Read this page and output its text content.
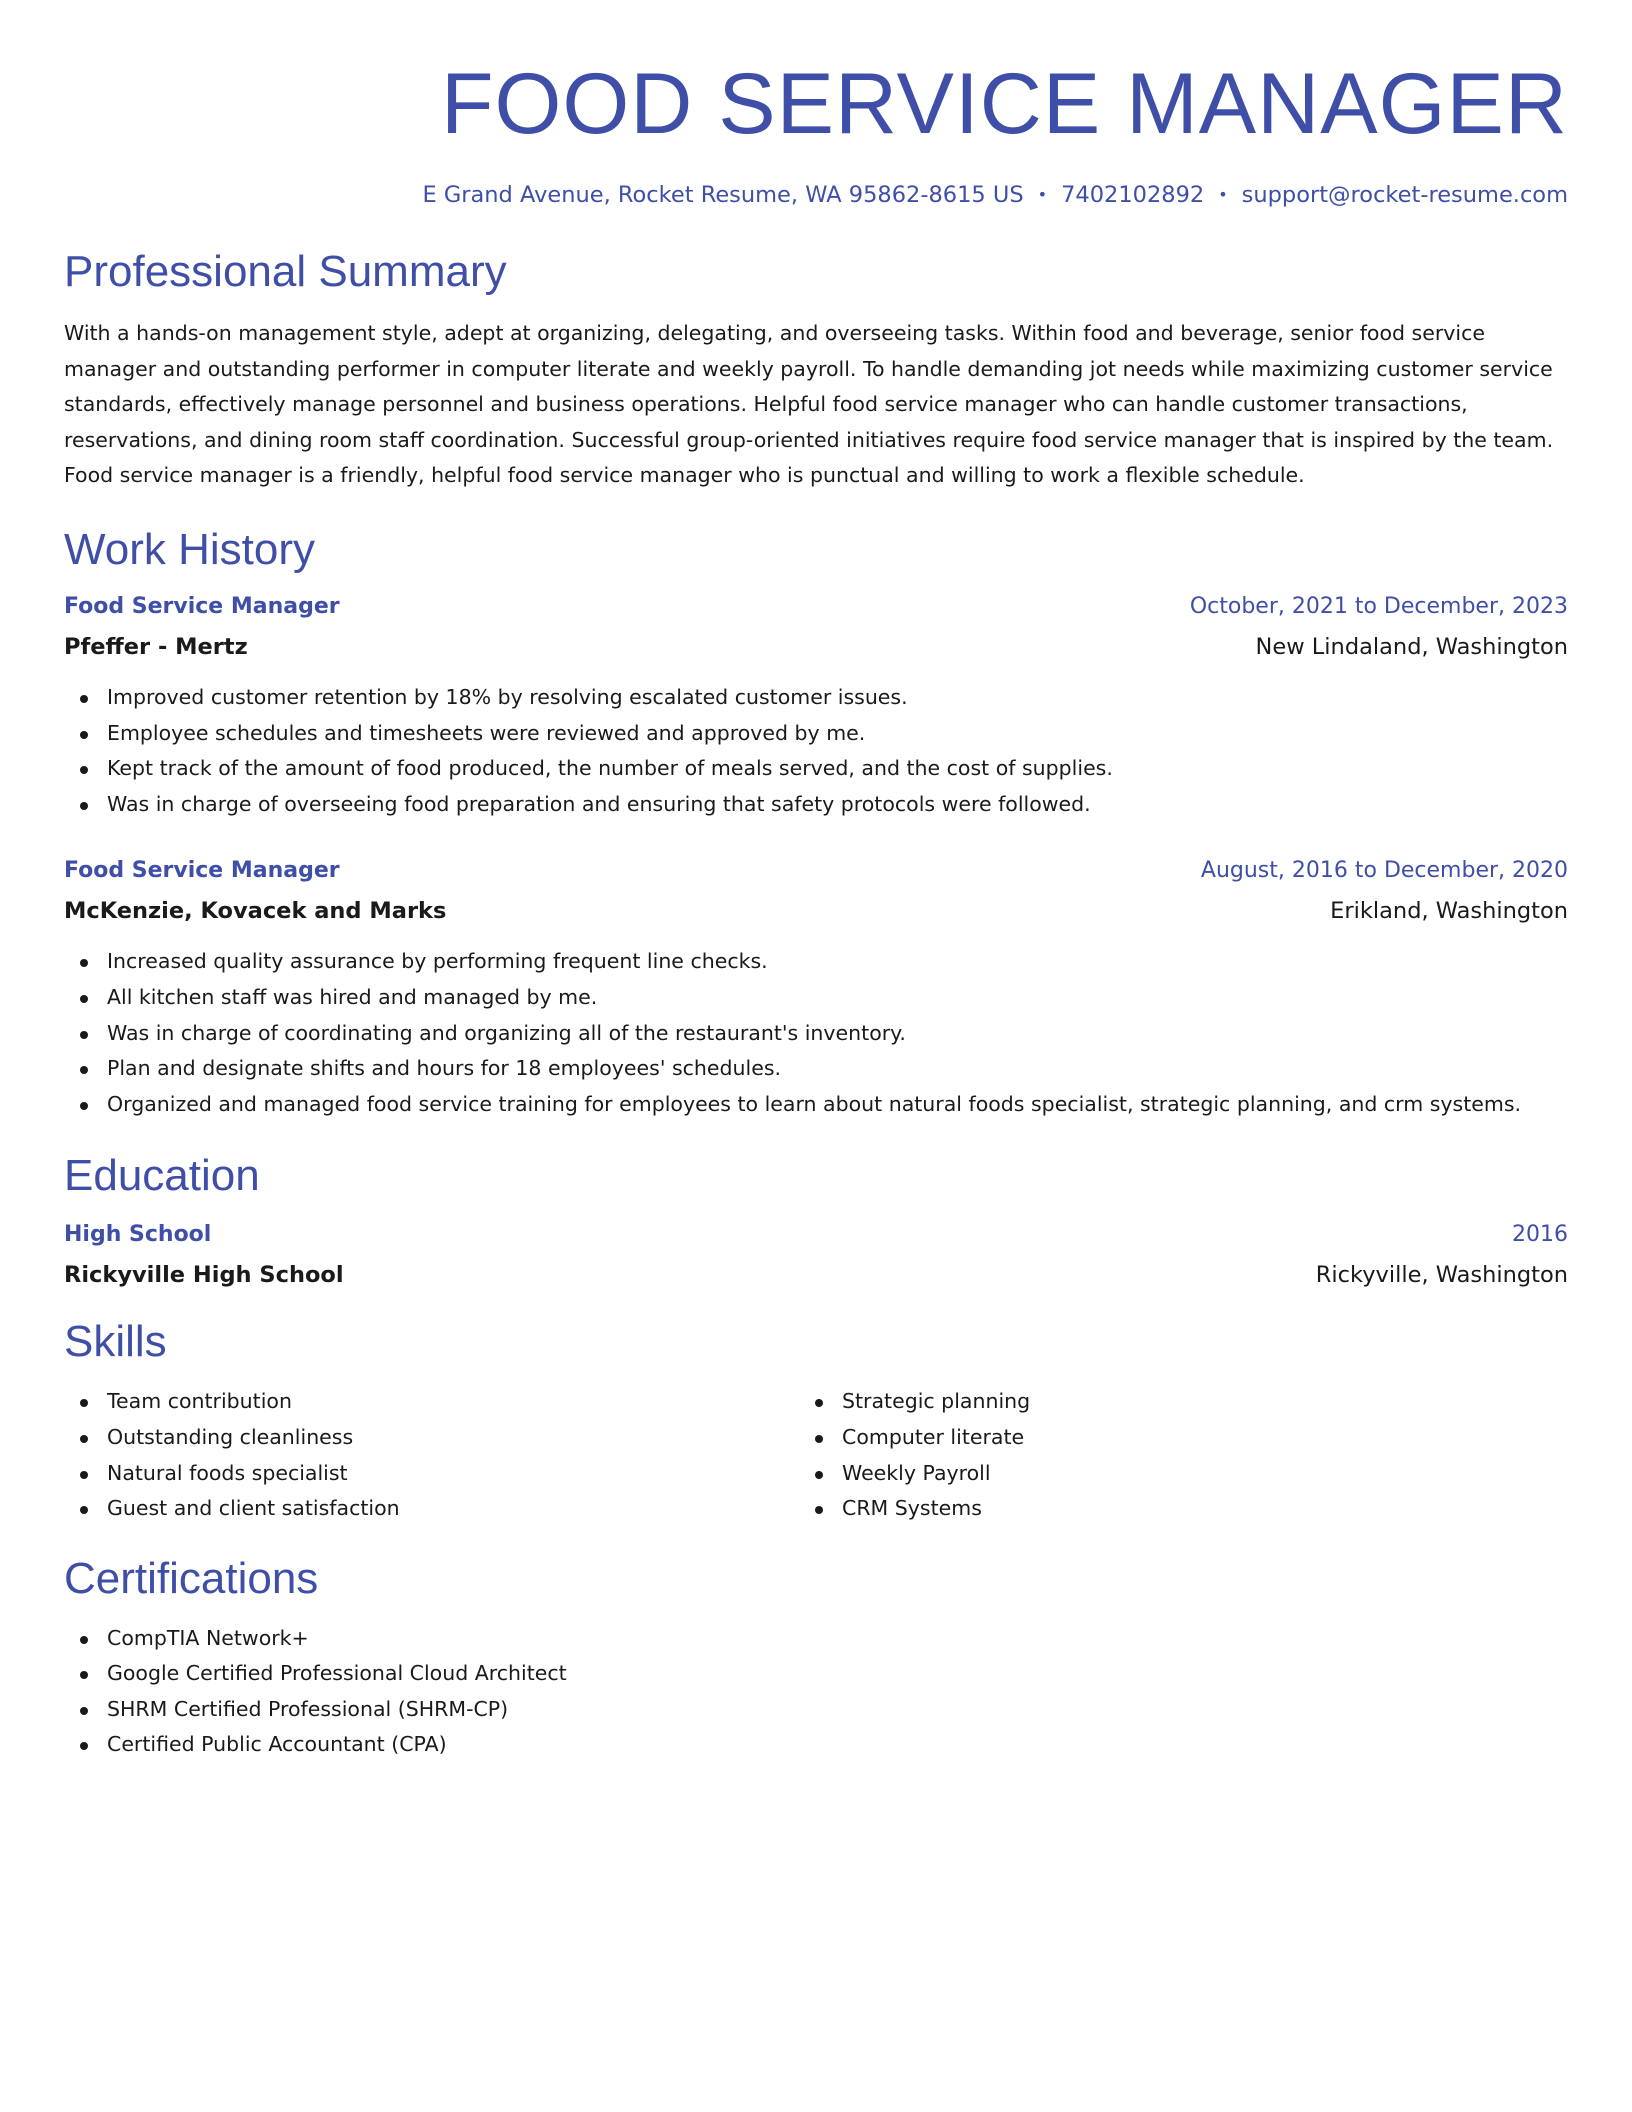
FOOD SERVICE MANAGER
E Grand Avenue, Rocket Resume, WA 95862-8615 US • 7402102892 • support@rocket-resume.com
Professional Summary

With a hands-on management style, adept at organizing, delegating, and overseeing tasks. Within food and beverage, senior food service manager and outstanding performer in computer literate and weekly payroll. To handle demanding jot needs while maximizing customer service standards, effectively manage personnel and business operations. Helpful food service manager who can handle customer transactions, reservations, and dining room staff coordination. Successful group-oriented initiatives require food service manager that is inspired by the team. Food service manager is a friendly, helpful food service manager who is punctual and willing to work a flexible schedule.

Work History
Food Service Manager	October, 2021 to December, 2023
Pfeffer - Mertz	New Lindaland, Washington
Improved customer retention by 18% by resolving escalated customer issues.
Employee schedules and timesheets were reviewed and approved by me.
Kept track of the amount of food produced, the number of meals served, and the cost of supplies.
Was in charge of overseeing food preparation and ensuring that safety protocols were followed.
Food Service Manager	August, 2016 to December, 2020
McKenzie, Kovacek and Marks	Erikland, Washington
Increased quality assurance by performing frequent line checks.
All kitchen staff was hired and managed by me.
Was in charge of coordinating and organizing all of the restaurant's inventory.
Plan and designate shifts and hours for 18 employees' schedules.
Organized and managed food service training for employees to learn about natural foods specialist, strategic planning, and crm systems.
Education
High School	2016
Rickyville High School	Rickyville, Washington
Skills
Team contribution
Outstanding cleanliness
Natural foods specialist
Guest and client satisfaction
Strategic planning
Computer literate
Weekly Payroll
CRM Systems
Certifications
CompTIA Network+
Google Certified Professional Cloud Architect
SHRM Certified Professional (SHRM-CP)
Certified Public Accountant (CPA)
